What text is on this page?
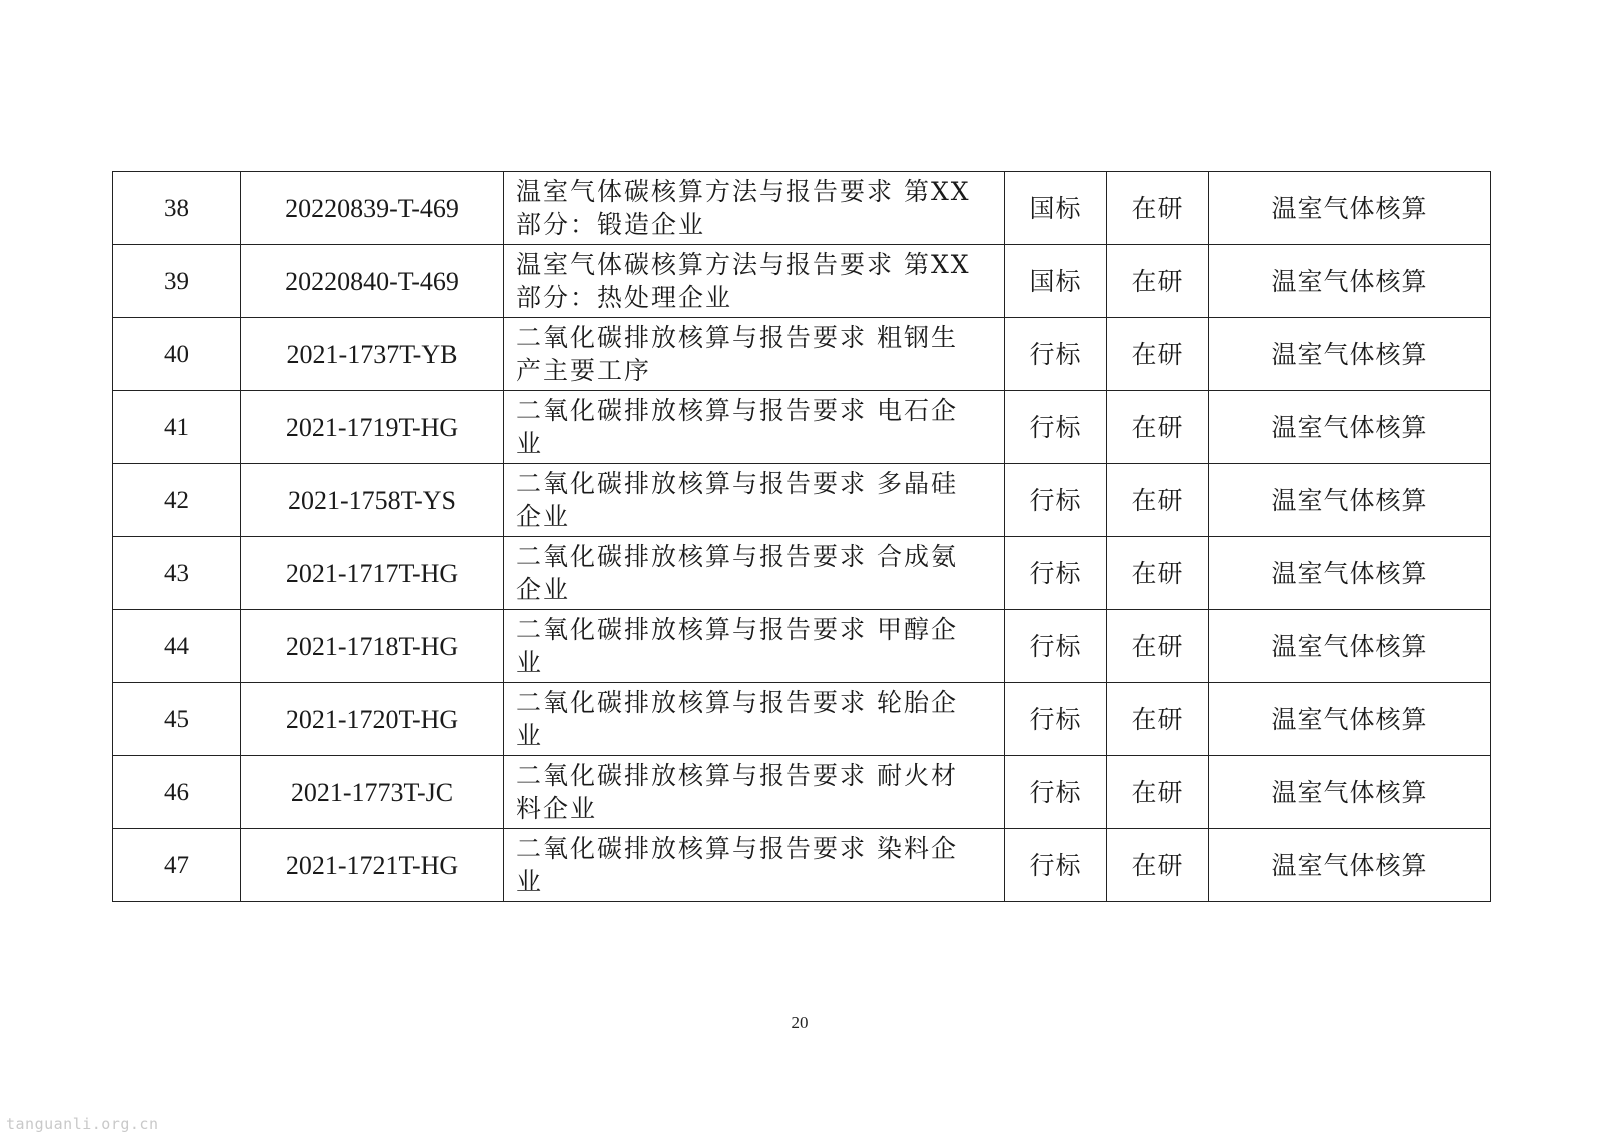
38	20220839-T-469	温室气体碳核算方法与报告要求 第XX部分：锻造企业	国标	在研	温室气体核算
39	20220840-T-469	温室气体碳核算方法与报告要求 第XX部分：热处理企业	国标	在研	温室气体核算
40	2021-1737T-YB	二氧化碳排放核算与报告要求 粗钢生产主要工序	行标	在研	温室气体核算
41	2021-1719T-HG	二氧化碳排放核算与报告要求 电石企业	行标	在研	温室气体核算
42	2021-1758T-YS	二氧化碳排放核算与报告要求 多晶硅企业	行标	在研	温室气体核算
43	2021-1717T-HG	二氧化碳排放核算与报告要求 合成氨企业	行标	在研	温室气体核算
44	2021-1718T-HG	二氧化碳排放核算与报告要求 甲醇企业	行标	在研	温室气体核算
45	2021-1720T-HG	二氧化碳排放核算与报告要求 轮胎企业	行标	在研	温室气体核算
46	2021-1773T-JC	二氧化碳排放核算与报告要求 耐火材料企业	行标	在研	温室气体核算
47	2021-1721T-HG	二氧化碳排放核算与报告要求 染料企业	行标	在研	温室气体核算
20
tanguanli.org.cn
